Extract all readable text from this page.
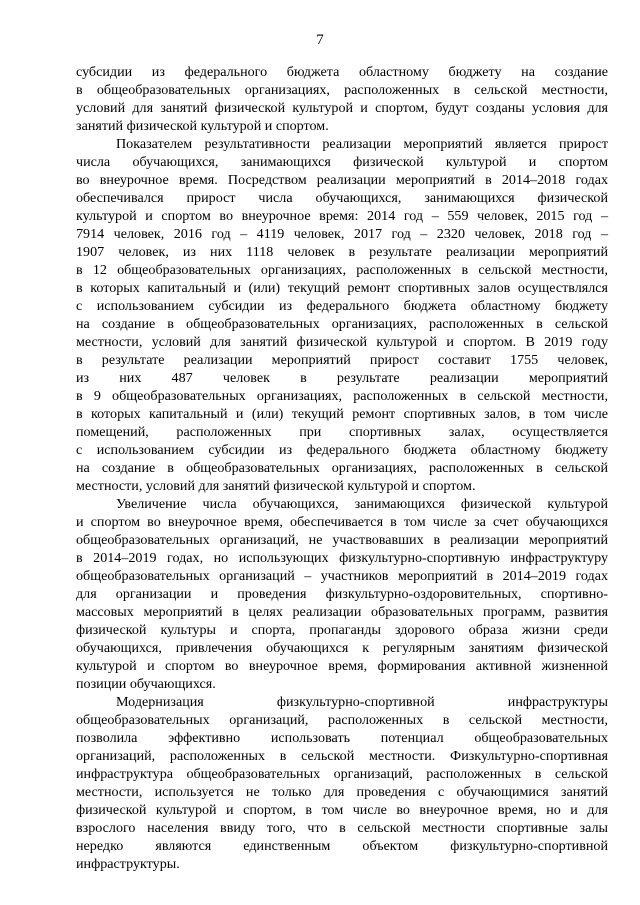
7
субсидии из федерального бюджета областному бюджету на создание
в общеобразовательных организациях, расположенных в сельской местности,
условий для занятий физической культурой и спортом, будут созданы условия для
занятий физической культурой и спортом.
Показателем результативности реализации мероприятий является прирост
числа обучающихся, занимающихся физической культурой и спортом
во внеурочное время. Посредством реализации мероприятий в 2014–2018 годах
обеспечивался прирост числа обучающихся, занимающихся физической
культурой и спортом во внеурочное время: 2014 год – 559 человек, 2015 год –
7914 человек, 2016 год – 4119 человек, 2017 год – 2320 человек, 2018 год –
1907 человек, из них 1118 человек в результате реализации мероприятий
в 12 общеобразовательных организациях, расположенных в сельской местности,
в которых капитальный и (или) текущий ремонт спортивных залов осуществлялся
с использованием субсидии из федерального бюджета областному бюджету
на создание в общеобразовательных организациях, расположенных в сельской
местности, условий для занятий физической культурой и спортом. В 2019 году
в результате реализации мероприятий прирост составит 1755 человек,
из них 487 человек в результате реализации мероприятий
в 9 общеобразовательных организациях, расположенных в сельской местности,
в которых капитальный и (или) текущий ремонт спортивных залов, в том числе
помещений, расположенных при спортивных залах, осуществляется
с использованием субсидии из федерального бюджета областному бюджету
на создание в общеобразовательных организациях, расположенных в сельской
местности, условий для занятий физической культурой и спортом.
Увеличение числа обучающихся, занимающихся физической культурой
и спортом во внеурочное время, обеспечивается в том числе за счет обучающихся
общеобразовательных организаций, не участвовавших в реализации мероприятий
в 2014–2019 годах, но использующих физкультурно-спортивную инфраструктуру
общеобразовательных организаций – участников мероприятий в 2014–2019 годах
для организации и проведения физкультурно-оздоровительных, спортивно-
массовых мероприятий в целях реализации образовательных программ, развития
физической культуры и спорта, пропаганды здорового образа жизни среди
обучающихся, привлечения обучающихся к регулярным занятиям физической
культурой и спортом во внеурочное время, формирования активной жизненной
позиции обучающихся.
Модернизация физкультурно-спортивной инфраструктуры
общеобразовательных организаций, расположенных в сельской местности,
позволила эффективно использовать потенциал общеобразовательных
организаций, расположенных в сельской местности. Физкультурно-спортивная
инфраструктура общеобразовательных организаций, расположенных в сельской
местности, используется не только для проведения с обучающимися занятий
физической культурой и спортом, в том числе во внеурочное время, но и для
взрослого населения ввиду того, что в сельской местности спортивные залы
нередко являются единственным объектом физкультурно-спортивной
инфраструктуры.
